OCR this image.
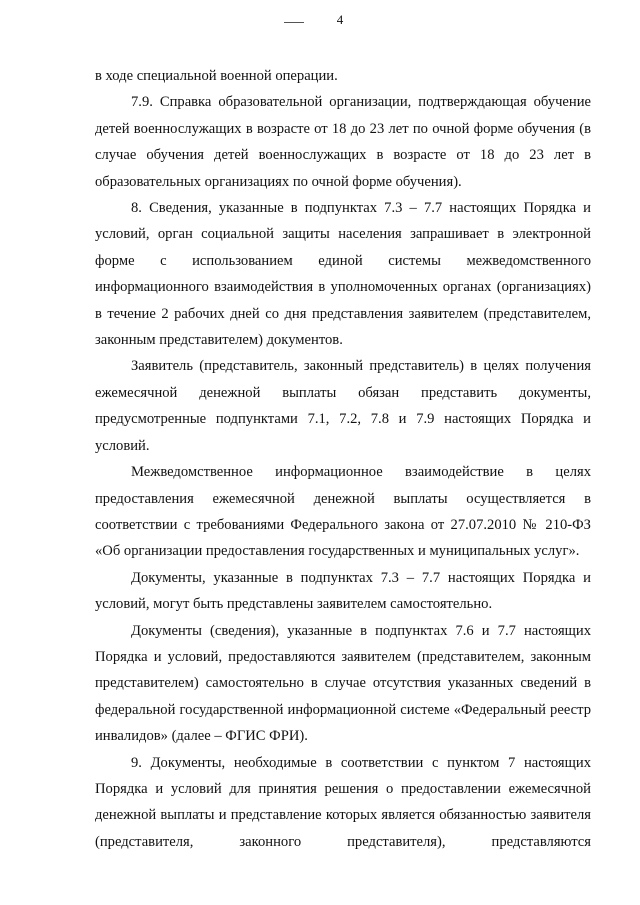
4

в ходе специальной военной операции.

7.9. Справка образовательной организации, подтверждающая обучение детей военнослужащих в возрасте от 18 до 23 лет по очной форме обучения (в случае обучения детей военнослужащих в возрасте от 18 до 23 лет в образовательных организациях по очной форме обучения).

8. Сведения, указанные в подпунктах 7.3 – 7.7 настоящих Порядка и условий, орган социальной защиты населения запрашивает в электронной форме с использованием единой системы межведомственного информационного взаимодействия в уполномоченных органах (организациях) в течение 2 рабочих дней со дня представления заявителем (представителем, законным представителем) документов.

Заявитель (представитель, законный представитель) в целях получения ежемесячной денежной выплаты обязан представить документы, предусмотренные подпунктами 7.1, 7.2, 7.8 и 7.9 настоящих Порядка и условий.

Межведомственное информационное взаимодействие в целях предоставления ежемесячной денежной выплаты осуществляется в соответствии с требованиями Федерального закона от 27.07.2010 № 210-ФЗ «Об организации предоставления государственных и муниципальных услуг».

Документы, указанные в подпунктах 7.3 – 7.7 настоящих Порядка и условий, могут быть представлены заявителем самостоятельно.

Документы (сведения), указанные в подпунктах 7.6 и 7.7 настоящих Порядка и условий, предоставляются заявителем (представителем, законным представителем) самостоятельно в случае отсутствия указанных сведений в федеральной государственной информационной системе «Федеральный реестр инвалидов» (далее – ФГИС ФРИ).

9. Документы, необходимые в соответствии с пунктом 7 настоящих Порядка и условий для принятия решения о предоставлении ежемесячной денежной выплаты и представление которых является обязанностью заявителя (представителя, законного представителя), представляются
